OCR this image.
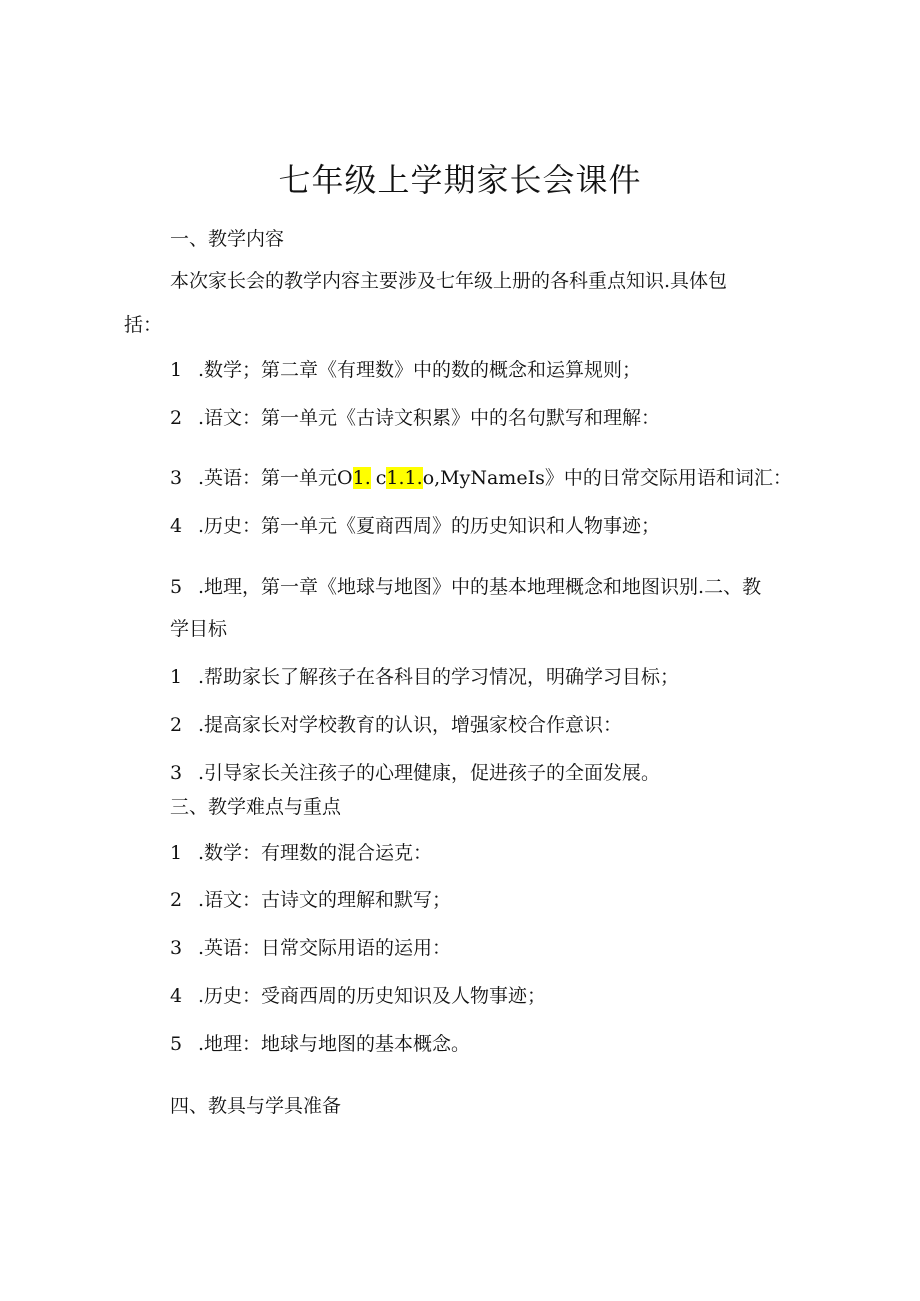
七年级上学期家长会课件

一、教学内容

本次家长会的教学内容主要涉及七年级上册的各科重点知识.具体包

括：

1 .数学；第二章《有理数》中的数的概念和运算规则；

2 .语文：第一单元《古诗文积累》中的名句默写和理解：

3 .英语：第一单元O1. c1.1.o,MyNameIs》中的日常交际用语和词汇：

4 .历史：第一单元《夏商西周》的历史知识和人物事迹；

5 .地理，第一章《地球与地图》中的基本地理概念和地图识别.二、教

学目标

1 .帮助家长了解孩子在各科目的学习情况，明确学习目标；

2 .提高家长对学校教育的认识，增强家校合作意识：

3 .引导家长关注孩子的心理健康，促进孩子的全面发展。

三、教学难点与重点

1 .数学：有理数的混合运克：

2 .语文：古诗文的理解和默写；

3 .英语：日常交际用语的运用：

4 .历史：受商西周的历史知识及人物事迹；

5 .地理：地球与地图的基本概念。

四、教具与学具准备
